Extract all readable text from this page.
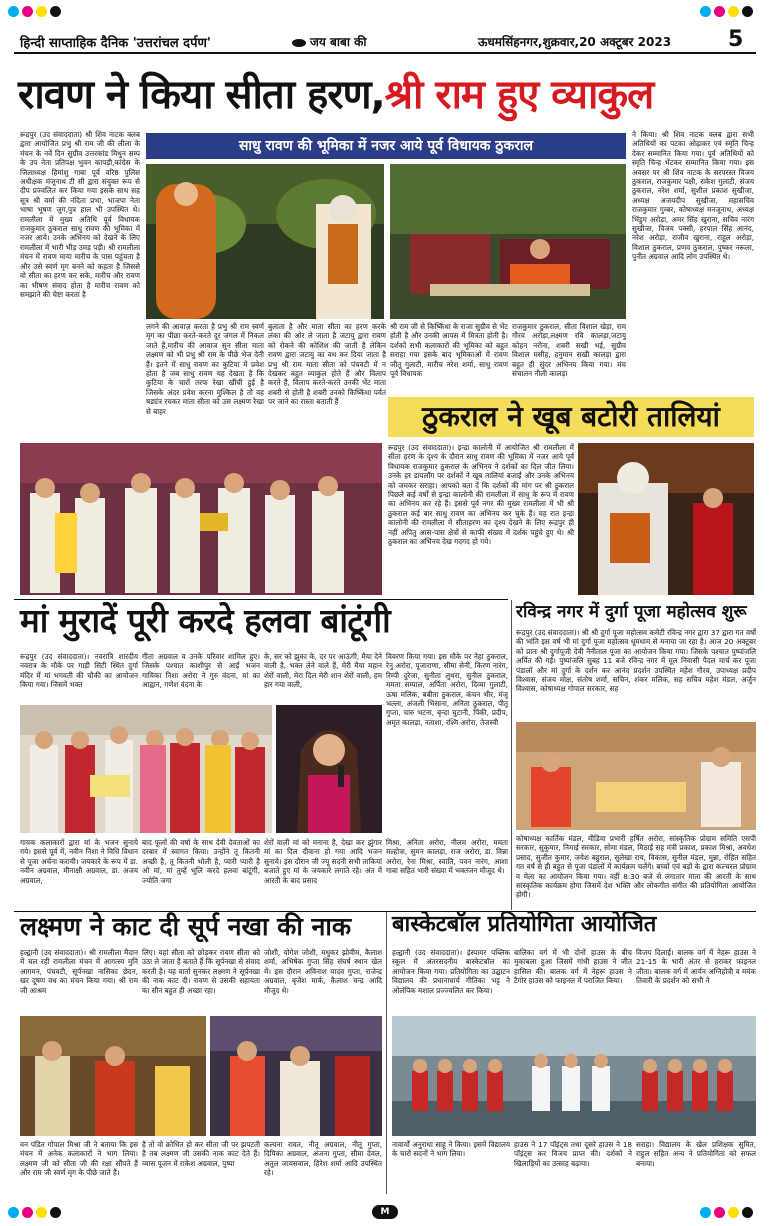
हिन्दी साप्ताहिक दैनिक 'उत्तरांचल दर्पण'	जय बाबा की	ऊधमसिंहनगर,शुक्रवार,20 अक्टूबर 2023	5
रावण ने किया सीता हरण,श्री राम हुए व्याकुल
रूद्रपुर (उद संवाददाता) श्री शिव नाटक क्लब द्वारा आयोजित प्रभु श्री राम जी की लीला के मंचन के नवें दिन सुग्रीव उत्तरकांड मिथुन सम्प के उप नेता प्रतिपक्ष भुवन कापड़ी,कांग्रेस के जिलाध्यक्ष हिमांशु गाबा पूर्व वरिष्ठ पुलिस अधीक्षक मंजूनाथ टी सी द्वारा संयुक्त रूप से दीप प्रज्वलित कर किया गया इसके साथ सह सूत्र श्री वर्मा की नंदिता प्रभा, भाजपा नेता भाषा भूषण जुग,पुत्र हाल भी उपस्थित थे। रामलीला में मुख्य अतिथि पूर्व विधायक राजकुमार ठुकराल साधु रावण की भूमिका में नजर आये। उनके अभिनय को देखने के लिए रामलीला में भारी भीड़ उमड़ पड़ी। श्री रामलीला मंचन में रावण माया मारीच के पास पहुंचता है और उसे स्वर्ण मृग बनने को कहता है जिससे वो सीता का हरण कर सके, मारीच और रावण का भीषण संवाद होता है मारीच रावण को समझाने की चेष्टा करता है
साधु रावण की भूमिका में नजर आये पूर्व विधायक ठुकराल
लगने की आवाज़ करता है प्रभु श्री राम स्वर्ण मृग का पीछा करते-करते दूर जंगल में निकल जाते हैं,मारीच की आवाज सुन सीता माता लक्ष्मण को भी प्रभु श्री राम के पीछे भेज देती हैं। इतने में साधु रावण का कुटिया में प्रवेश होता है जब साधु रावण यह देखता है कि कुटिया के चारों तरफ रेखा खींची हुई है जिसके अंदर प्रवेश करना मुश्किल है तो वह षड्यंत्र रचकर माता सीता को उस लक्ष्मण रेखा से बाहर
बुलाता है और माता सीता का हरण करके लंका की ओर ले जाता है जटायु द्वारा रावण को रोकने की कोशिश की जाती है लेकिन रावण द्वारा जटायु का वध कर दिया जाता है प्रभु श्री राम माता सीता को पंचवटी में न देखकर बहुत व्याकुल होते हैं और विलाप करते हैं, विलाप करते-करते उनकी भेंट माता शबरी से होती है शबरी उनको किष्किंधा पर्वत पर जाने का रास्ता बताती हैं
श्री राम जी से किष्किंधा के राजा सुग्रीव से भेंट होती है और उनकी आपस में मित्रता होती है। दर्शकों सभी कलाकारों की भूमिका को बहुत सराहा गया इसके बाद भूमिकाओं में रावण जीतू गुलाटी, मारीच नरेश शर्मा, साधु रावण पूर्व विधायक
राजकुमार ठुकराल, सीता विशाल खेड़ा, राम गौरव अरोड़ा,लक्ष्मण रवि कालड़ा,जटायु कोहन नरोना, शबरी सखी भई, सुग्रीव विशाल मसीह, हनुमान सखी कालड़ा द्वारा बहुत ही सुंदर अभिनय किया गया। मंच संचालन नीली कालड़ा
ने किया। श्री शिव नाटक क्लब द्वारा सभी अतिथियों का पटका ओढ़ाकर एवं स्मृति चिन्ह देकर सम्मानित किया गया। पूर्व अतिथियों को स्मृति चिन्ह भेंटकर सम्मानित किया गया। इस अवसर पर श्री शिव नाटक के सरपरस्त विजय ठुकराल, राजकुमार पक्षी, राकेश गुलाटी, संजय ठुकराल, नरेश शर्मा, सुशील प्रकाश सुखीजा, अध्यक्ष अजयदीप सुखीजा, महासचिव राजकुमार गुम्बर, कोषाध्यक्ष मनजूनाथ, अध्यक्ष भिंडुग अरोड़ा, अमर सिंह खुराना, सचिव नारंग सुखीजा, विजय पक्सी, हरपाल सिंह आनंद, नरेश अरोड़ा, राजीव खुराना, राहुल अरोड़ा, विशाल ठुकराल, प्रणव ठुकराल, पुष्कर नरूला, पुनीत अग्रवाल आदि लोग उपस्थित थे।
ठुकराल ने खूब बटोरी तालियां
रूद्रपुर (उद संवाददाता)। इन्द्रा कालोनी में आयोजित श्री रामलीला में सीता हरण के दृश्य के दौरान साधु रावण की भूमिका में नजर आये पूर्व विधायक राजकुमार ठुकराल के अभिनय ने दर्शकों का दिल जीत लिया। उनके हर डायलॉग पर दर्शकों ने खूब तालियां बजाईं और उनके अभिनय को जमकर सराहा। आपको बता दें कि दर्शकों की मांग पर श्री ठुकराल पिछले कई वर्षों से इन्द्रा कालोनी की रामलीला में साधु के रूप में रावण का अभिनय कर रहे हैं। इससे पूर्व नगर की मुख्य रामलीला में भी श्री ठुकराल कई बार साधु रावण का अभिनय कर चुके हैं। यह रात इन्द्रा कालोनी की रामलीला में सीताहरण का दृश्य देखने के लिए रूद्रपुर ही नहीं अपितु आस-पास क्षेत्रों से काफी संख्या में दर्शक पहुंचे हुए थे। श्री ठुकराल का अभिनय देख गदगद हो गये।
मां मुरादें पूरी करदे हलवा बांटूंगी
रूद्रपुर (उद संवाददाता)। नवरात्रि शारदीय नवरात्र के मौके पर गाड़ी सिटी स्थित दुर्गा मंदिर में मां भगवती की चौकी का आयोजन किया गया। जिसमें भक्त
गीता अग्रवाल व उनके परिवार शामिल हुए। जिसके पश्चात काशीपुर से आईं भजन गायिका निशा अरोरा ने गुरु वंदना, मां का आह्वान, गणेश वंदना के
के, सर को झुका के, दर पर आऊंगी, मैया देने वाली है, भक्त लेने वाले हैं, मेरी मैया महान शेरों वाली, मेरा दिल मेरी शान शेरों वाली, हम हार गया वाली,
विवरण किया गया। इस मौके पर नेहा ठुकराल, रेनु अरोरा, पूजाराणा, सीमा सेनी, किरण नारंग, रिम्पी दुरेजा, सुनीता लुथरा, सुनील ठुकराल, ममता सम्पाल, अर्पिता अरोरा, दिव्या गुलाटी, ऊषा मलिक, बबीता ठुकराल, कंचन भीर, मंजू भल्ला, अंजली भिसाना, अनिता ठुकराल, पीतू गुप्ता, चारु भटना, बृन्दा चुटानी, पिंकी, प्रदीप, अमृत कालड़ा, नताशा, रश्मि अरोरा, तेजस्वी
गायक कलाकारों द्वारा मां के भजन सुनाये गये। इससे पूर्व में, नवीन निशा ने विधि विधान से पूजा अर्चना करायी। जयकारे के रूप में डा. नवीन अग्रवाल, मीनाक्षी अग्रवाल, डा. अजय अग्रवाल,
बाद फूलों की वर्षा के साथ देवी देवताओं का दरबार में स्वागत किया। उन्होंने तू कितनी अच्छी है, तू कितनी भोली है, प्यारी प्यारी है ओ मां, मां तुम्हें भूलि करदे हलवा बांटूंगी, ज्योति जगा
शेरों वाली मां को मनाना है, देखा कर झुंगार मां का दिल दीवाना हो गया आदि भजन सुनाये। इस दौरान जी ज्यू सदनी सभी ताकियां बजाते हुए मां के जयकारे लगाते रहे। अंत में आरती के बाद प्रसाद
मिश्रा, अनिता अरोरा, नीलम अरोरा, ममता मल्होत्रा, सुमन कालड़ा, राज अरोरा, डा. विन्ना अरोरा, रेना मिश्रा, स्वाति, पवन नारंग, आशा गाबा सहित भारी संख्या में भक्तजन मौजूद थे।
रविन्द्र नगर में दुर्गा पूजा महोत्सव शुरू
रूद्रपुर (उद संवाददाता)। श्री श्री दुर्गा पूजा महोत्सव कमेटी रविन्द्र नगर द्वारा 37 द्वारा गत वर्षों की भांति इस वर्ष भी मां दुर्गा पूजा महोत्सव धूमधाम से मनाया जा रहा है। आज 20 अक्टूबर को प्रातः श्री दुर्गापूजी देवी नैनीताल पूजा का आयोजन किया गया। जिसके पश्चात पुष्पांजलि अर्पित की गई। पुष्पांजलि सुबह 11 बजे रविन्द्र नगर में मूल निवासी पैदल मार्च कर पूजा पंडालों और मां दुर्गा के दर्शन कर आनंद प्रदर्शन उपस्थित महेश गौरव, उपाध्यक्ष प्रदीप विश्वास, संजय मोक्ष, संतोष शर्मा, सचिन, शंकर मलिक, सह सचिव महेश मंडल, अर्जुन विश्वास, कोषाध्यक्ष गोपाल सरकार, सह
कोषाध्यक्ष कार्तिक मंडल, मीडिया प्रभारी हर्षित अरोरा, सांस्कृतिक प्रोग्राम समिति एसपी सरकार, सुकुमार, निमाई सरकार, सोमा मंडल, मिठाई सह मंत्री प्रकाश, प्रकाश मिश्रा, अवधेश प्रसाद, सुजीत कुमार, जयेश बहुराल, सुलेखा राय, विकास, सुनील मंडल, मुन्ना, रोहित सहित गत वर्ष से ही बहुत से पूजा पंडालों में कार्यक्रम चलेंगे। बच्चों एवं बड़ों के द्वारा कल्चरल प्रोग्राम व मेला का आयोजन किया गया। वहीं 8:30 बजे से लगातार माता की आरती के साथ सांस्कृतिक कार्यक्रम होगा जिसमें देश भक्ति और लोकगीत संगीत की प्रतियोगिता आयोजित होगी।
लक्ष्मण ने काट दी सूर्प नखा की नाक
हल्द्वानी (उद संवाददाता)। श्री रामलीला मैदान में चल रही रामलीला मंचन में आगत्स्य मुनि आगमन, पंचवटी, सूर्पनखा नासिका छेदन, खर दूषण वध का मंचन किया गया। श्री राम जी आश्रम
लिए। यहां सीता को छोड़कर रावण सीता को उठा ले जाता है बताते हैं कि सूर्पनखा से संवाद करती है। यह वार्ता सुनकर लक्ष्मण ने सूर्पनखा की नाक काट दी। रावण से उसकी सहायता का सीन बहुत ही अच्छा रहा।
जोशी, योगेश जोशी, मधुकर झोवीम, कैलाश शर्मा, अभिषेक गुप्ता सिंह संघर्ष स्थान खेल में। इस दौरान अविनाश यादव गुप्ता, राजेन्द्र अग्रवाल, बृजेश मार्क, कैलाश चन्द्र आदि मौजूद थे।
वन पंडित गोपाल मिश्रा जी ने बताया कि इस मंचन में अनेक कलाकारों ने भाग लिया। लक्ष्मण जी को सीता जी की रक्षा सौंपते हैं और राम जी स्वर्ण मृग के पीछे जाते हैं।
है तो वो क्रोधित हो कर सीता जी पर झपटती है तब लक्ष्मण जी उसकी नाक काट देते हैं। व्यास पूजन में राकेश अग्रवाल, पुष्पा
कल्पना रावत, नीतू अग्रवाल, नीतू गुप्ता, दिपिका अग्रवाल, अंजना गुप्ता, सीमा देवल, अतुल जायसवाल, हिरेश शर्मा आदि उपस्थित रहे।
बास्केटबॉल प्रतियोगिता आयोजित
हल्द्वानी (उद संवाददाता)। इंस्पायर पब्लिक स्कूल में अंतरसदनीय बास्केटबॉल का आयोजन किया गया। प्रतियोगिता का उद्घाटन विद्यालय की प्रधानाचार्य गीतिका भट्ट ने ओलंपिक मशाल प्रज्ज्वलित कर किया।
बालिका वर्ग में भी दोनों हाउस के बीच मुकाबला हुआ जिसमें गांधी हाउस ने जीत हासिल की। बालक वर्ग में नेहरू हाउस ने टैगोर हाउस को फाइनल में पराजित किया।
विजय दिलाई। बालक वर्ग में नेहरू हाउस ने 21-15 के भारी अंतर से हराकर फाइनल जीता। बालक वर्ग में आर्यन अग्निहोत्री व मयंक तिवारी के प्रदर्शन को सभी ने
नावार्यों अनुराधा साहू ने किया। इसमें विद्यालय के चारों सदनों ने भाग लिया।
हाउस ने 17 पॉइंट्स तथा दूसरे हाउस ने 18 पॉइंट्स कर विजय प्राप्त की। दर्शकों ने खिलाड़ियों का उत्साह बढ़ाया।
सराहा। विद्यालय के खेल प्रशिक्षक सुमित, राहुल सहित अन्य ने प्रतियोगिता को सफल बनाया।
M
